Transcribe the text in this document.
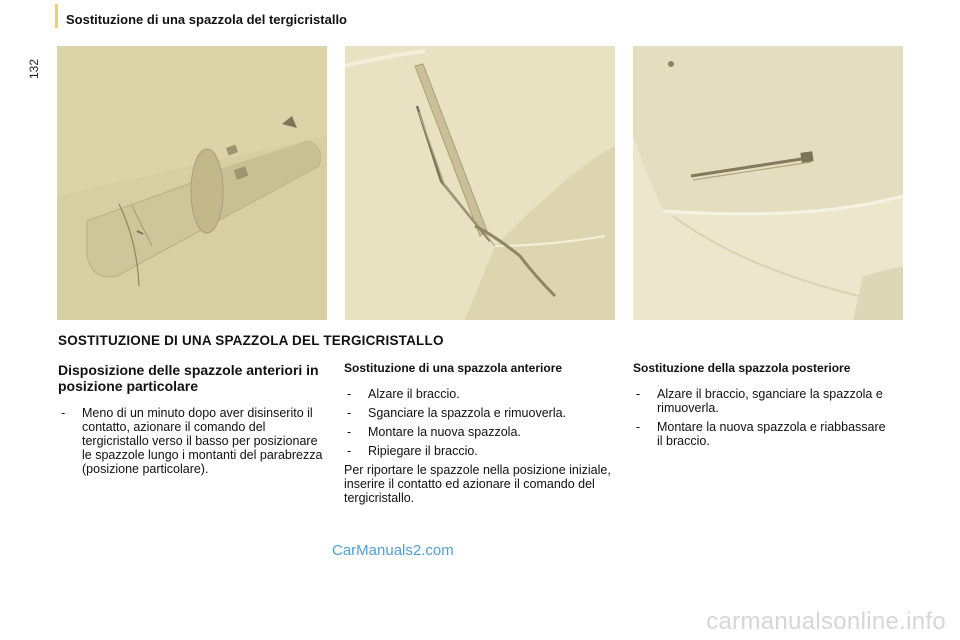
Sostituzione di una spazzola del tergicristallo
132
SOSTITUZIONE DI UNA SPAZZOLA DEL TERGICRISTALLO
Disposizione delle spazzole anteriori in posizione particolare
- Meno di un minuto dopo aver disinserito il contatto, azionare il comando del tergicristallo verso il basso per posizionare le spazzole lungo i montanti del parabrezza (posizione particolare).
Sostituzione di una spazzola anteriore
- Alzare il braccio.
- Sganciare la spazzola e rimuoverla.
- Montare la nuova spazzola.
- Ripiegare il braccio.

Per riportare le spazzole nella posizione iniziale, inserire il contatto ed azionare il comando del tergicristallo.

Sostituzione della spazzola posteriore
- Alzare il braccio, sganciare la spazzola e rimuoverla.
- Montare la nuova spazzola e riabbassare il braccio.
CarManuals2.com
carmanualsonline.info
